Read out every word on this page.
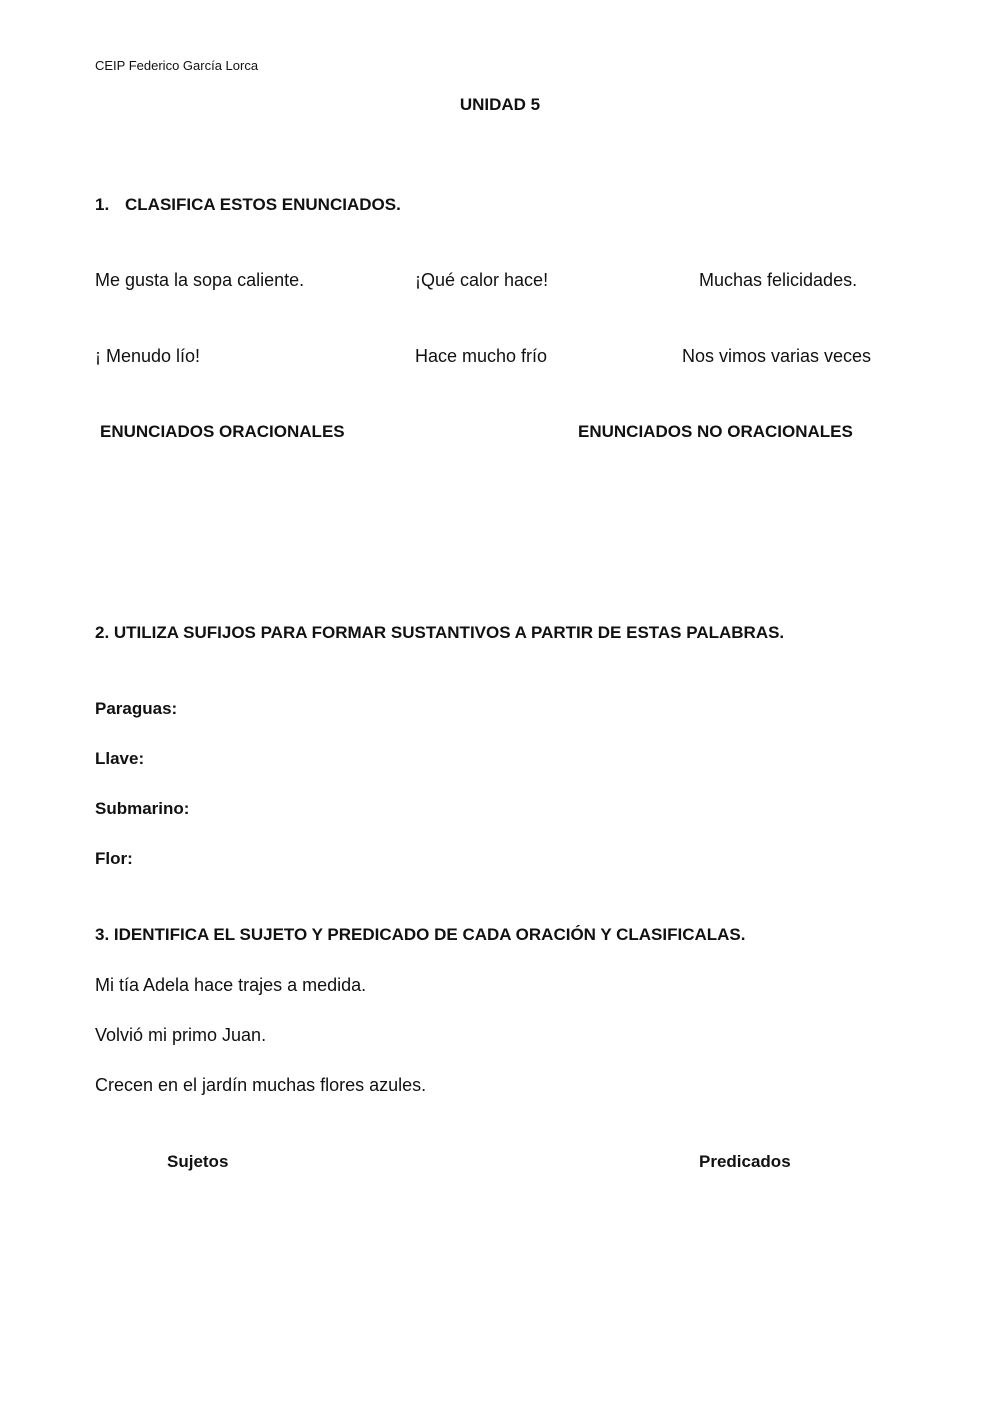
CEIP Federico García Lorca
UNIDAD 5
1. CLASIFICA ESTOS ENUNCIADOS.
Me gusta la sopa caliente.	¡Qué calor hace!	Muchas felicidades.
¡ Menudo lío!	Hace mucho frío	Nos vimos varias veces
ENUNCIADOS ORACIONALES	ENUNCIADOS NO ORACIONALES
2. UTILIZA SUFIJOS PARA FORMAR SUSTANTIVOS A PARTIR DE ESTAS PALABRAS.
Paraguas:
Llave:
Submarino:
Flor:
3. IDENTIFICA EL SUJETO Y PREDICADO DE CADA ORACIÓN Y CLASIFICALAS.
Mi tía Adela hace trajes a medida.
Volvió mi primo Juan.
Crecen en el jardín muchas flores azules.
Sujetos	Predicados
